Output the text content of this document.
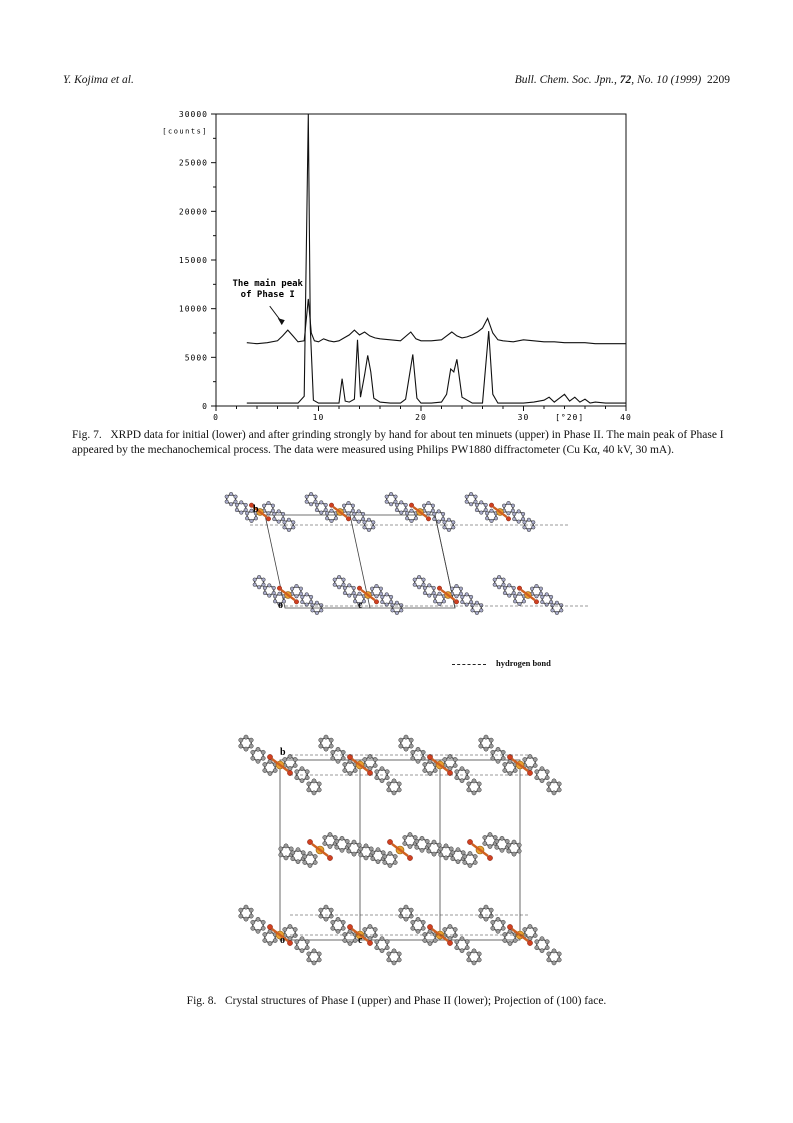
Y. Kojima et al.	Bull. Chem. Soc. Jpn., 72, No. 10 (1999) 2209
0
5000
10000
15000
20000
25000
30000
[counts]
0	10	20	30	40
[°2θ]
The main peak
of Phase I
Fig. 7. XRPD data for initial (lower) and after grinding strongly by hand for about ten minuets (upper) in Phase II. The main peak of Phase I appeared by the mechanochemical process. The data were measured using Philips PW1880 diffractometer (Cu Kα, 40 kV, 30 mA).
b
o	c
b
o	c
hydrogen bond
Fig. 8. Crystal structures of Phase I (upper) and Phase II (lower); Projection of (100) face.
